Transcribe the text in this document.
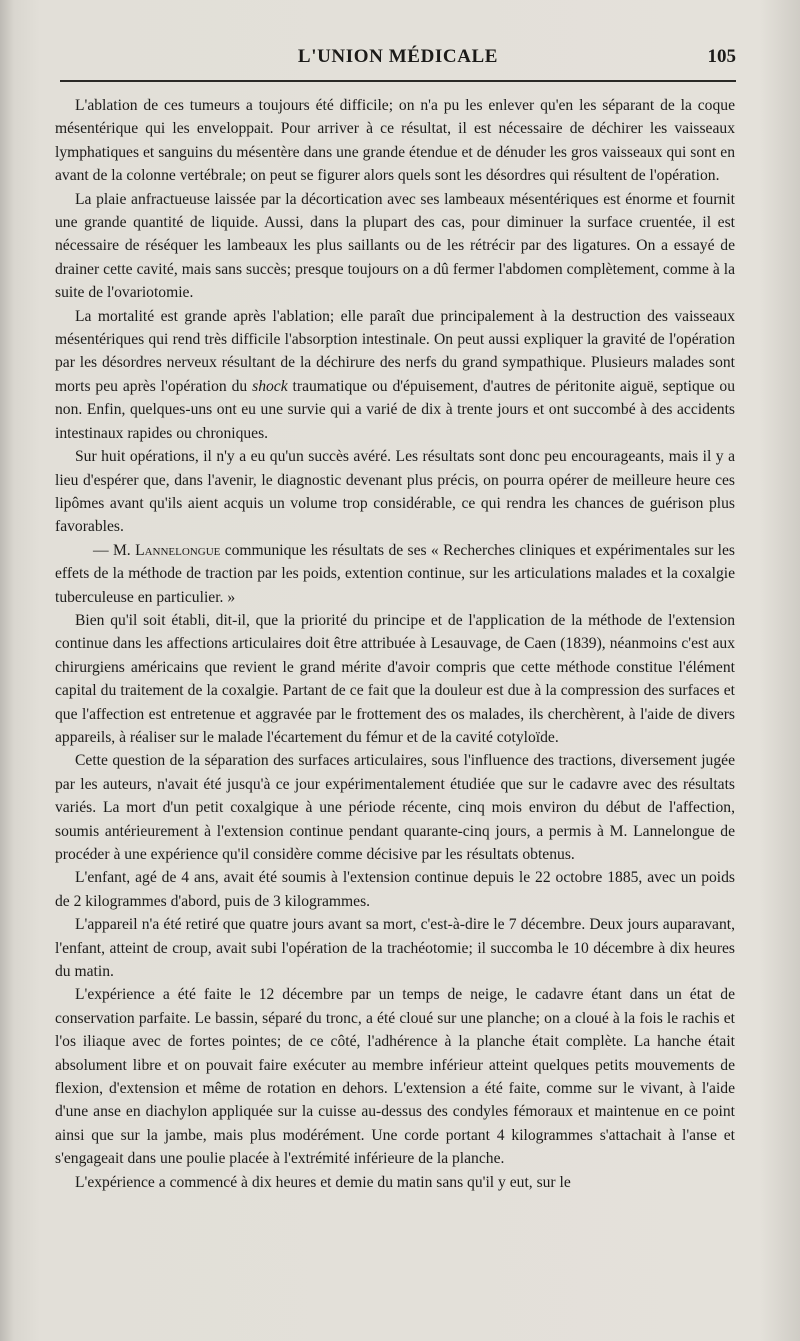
L'UNION MÉDICALE	105

L'ablation de ces tumeurs a toujours été difficile; on n'a pu les enlever qu'en les séparant de la coque mésentérique qui les enveloppait. Pour arriver à ce résultat, il est nécessaire de déchirer les vaisseaux lymphatiques et sanguins du mésentère dans une grande étendue et de dénuder les gros vaisseaux qui sont en avant de la colonne vertébrale; on peut se figurer alors quels sont les désordres qui résultent de l'opération.

La plaie anfractueuse laissée par la décortication avec ses lambeaux mésentériques est énorme et fournit une grande quantité de liquide. Aussi, dans la plupart des cas, pour diminuer la surface cruentée, il est nécessaire de réséquer les lambeaux les plus saillants ou de les rétrécir par des ligatures. On a essayé de drainer cette cavité, mais sans succès; presque toujours on a dû fermer l'abdomen complètement, comme à la suite de l'ovariotomie.

La mortalité est grande après l'ablation; elle paraît due principalement à la destruction des vaisseaux mésentériques qui rend très difficile l'absorption intestinale. On peut aussi expliquer la gravité de l'opération par les désordres nerveux résultant de la déchirure des nerfs du grand sympathique. Plusieurs malades sont morts peu après l'opération du shock traumatique ou d'épuisement, d'autres de péritonite aiguë, septique ou non. Enfin, quelques-uns ont eu une survie qui a varié de dix à trente jours et ont succombé à des accidents intestinaux rapides ou chroniques.

Sur huit opérations, il n'y a eu qu'un succès avéré. Les résultats sont donc peu encourageants, mais il y a lieu d'espérer que, dans l'avenir, le diagnostic devenant plus précis, on pourra opérer de meilleure heure ces lipômes avant qu'ils aient acquis un volume trop considérable, ce qui rendra les chances de guérison plus favorables.

— M. Lannelongue communique les résultats de ses « Recherches cliniques et expérimentales sur les effets de la méthode de traction par les poids, extention continue, sur les articulations malades et la coxalgie tuberculeuse en particulier. »

Bien qu'il soit établi, dit-il, que la priorité du principe et de l'application de la méthode de l'extension continue dans les affections articulaires doit être attribuée à Lesauvage, de Caen (1839), néanmoins c'est aux chirurgiens américains que revient le grand mérite d'avoir compris que cette méthode constitue l'élément capital du traitement de la coxalgie. Partant de ce fait que la douleur est due à la compression des surfaces et que l'affection est entretenue et aggravée par le frottement des os malades, ils cherchèrent, à l'aide de divers appareils, à réaliser sur le malade l'écartement du fémur et de la cavité cotyloïde.

Cette question de la séparation des surfaces articulaires, sous l'influence des tractions, diversement jugée par les auteurs, n'avait été jusqu'à ce jour expérimentalement étudiée que sur le cadavre avec des résultats variés. La mort d'un petit coxalgique à une période récente, cinq mois environ du début de l'affection, soumis antérieurement à l'extension continue pendant quarante-cinq jours, a permis à M. Lannelongue de procéder à une expérience qu'il considère comme décisive par les résultats obtenus.

L'enfant, agé de 4 ans, avait été soumis à l'extension continue depuis le 22 octobre 1885, avec un poids de 2 kilogrammes d'abord, puis de 3 kilogrammes.

L'appareil n'a été retiré que quatre jours avant sa mort, c'est-à-dire le 7 décembre. Deux jours auparavant, l'enfant, atteint de croup, avait subi l'opération de la trachéotomie; il succomba le 10 décembre à dix heures du matin.

L'expérience a été faite le 12 décembre par un temps de neige, le cadavre étant dans un état de conservation parfaite. Le bassin, séparé du tronc, a été cloué sur une planche; on a cloué à la fois le rachis et l'os iliaque avec de fortes pointes; de ce côté, l'adhérence à la planche était complète. La hanche était absolument libre et on pouvait faire exécuter au membre inférieur atteint quelques petits mouvements de flexion, d'extension et même de rotation en dehors. L'extension a été faite, comme sur le vivant, à l'aide d'une anse en diachylon appliquée sur la cuisse au-dessus des condyles fémoraux et maintenue en ce point ainsi que sur la jambe, mais plus modérément. Une corde portant 4 kilogrammes s'attachait à l'anse et s'engageait dans une poulie placée à l'extrémité inférieure de la planche.

L'expérience a commencé à dix heures et demie du matin sans qu'il y eut, sur le
